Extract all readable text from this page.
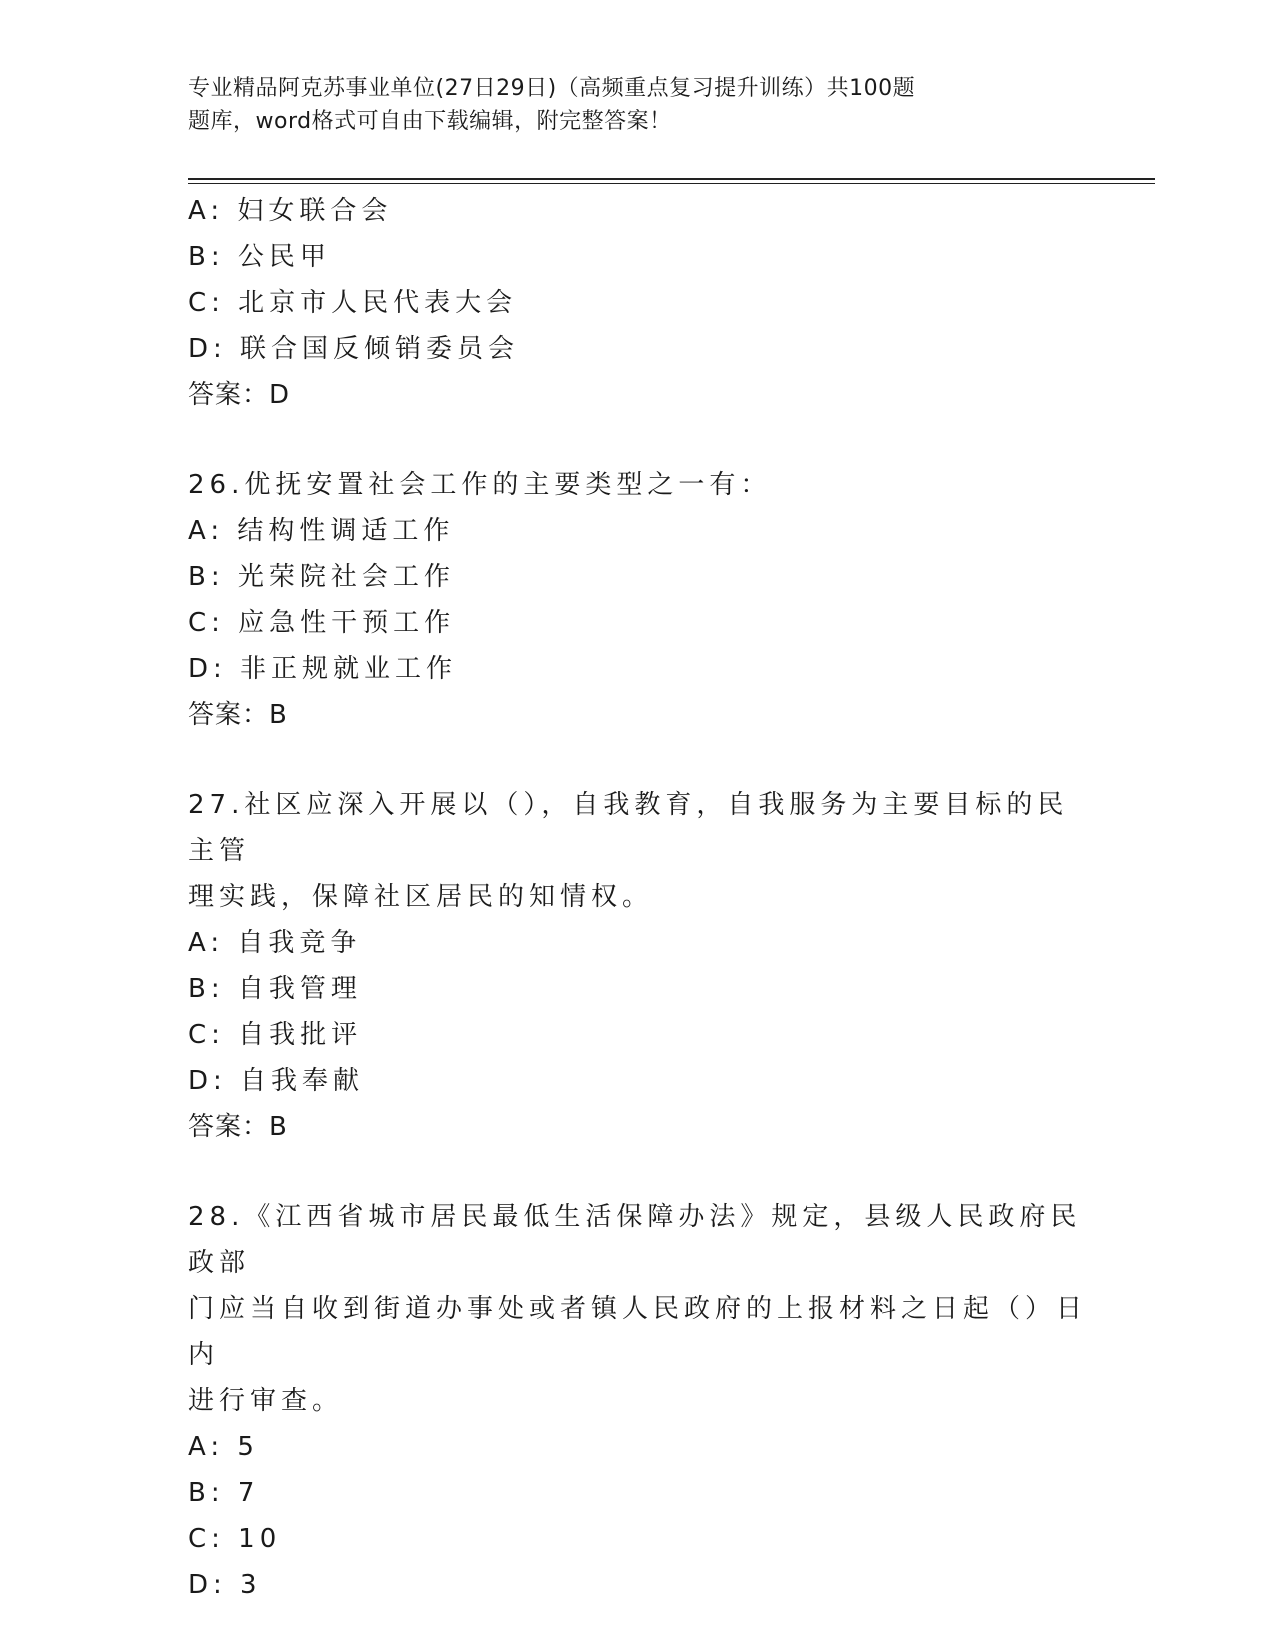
专业精品阿克苏事业单位(27日29日)（高频重点复习提升训练）共100题
题库，word格式可自由下载编辑，附完整答案！
A: 妇女联合会
B: 公民甲
C: 北京市人民代表大会
D: 联合国反倾销委员会
答案：D
26.优抚安置社会工作的主要类型之一有：
A: 结构性调适工作
B: 光荣院社会工作
C: 应急性干预工作
D: 非正规就业工作
答案：B
27.社区应深入开展以（），自我教育，自我服务为主要目标的民主管
理实践，保障社区居民的知情权。
A: 自我竞争
B: 自我管理
C: 自我批评
D: 自我奉献
答案：B
28.《江西省城市居民最低生活保障办法》规定，县级人民政府民政部
门应当自收到街道办事处或者镇人民政府的上报材料之日起（）日内
进行审查。
A: 5
B: 7
C: 10
D: 3
